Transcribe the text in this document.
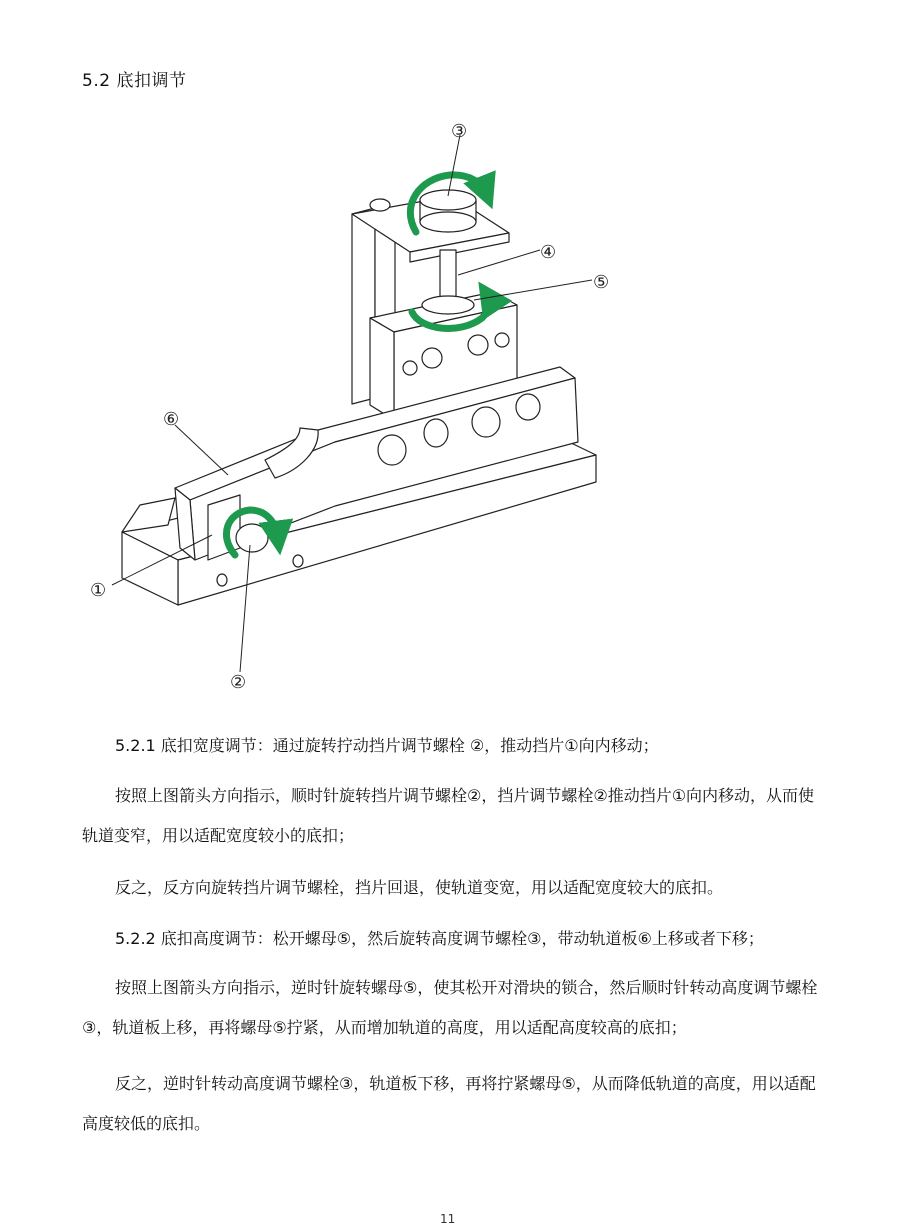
5.2 底扣调节
③
④
⑤
⑥
①
②
5.2.1 底扣宽度调节：通过旋转拧动挡片调节螺栓 ②，推动挡片①向内移动；
按照上图箭头方向指示，顺时针旋转挡片调节螺栓②，挡片调节螺栓②推动挡片①向内移动，从而使轨道变窄，用以适配宽度较小的底扣；
反之，反方向旋转挡片调节螺栓，挡片回退，使轨道变宽，用以适配宽度较大的底扣。
5.2.2 底扣高度调节：松开螺母⑤，然后旋转高度调节螺栓③，带动轨道板⑥上移或者下移；
按照上图箭头方向指示，逆时针旋转螺母⑤，使其松开对滑块的锁合，然后顺时针转动高度调节螺栓③，轨道板上移，再将螺母⑤拧紧，从而增加轨道的高度，用以适配高度较高的底扣；
反之，逆时针转动高度调节螺栓③，轨道板下移，再将拧紧螺母⑤，从而降低轨道的高度，用以适配高度较低的底扣。
11
